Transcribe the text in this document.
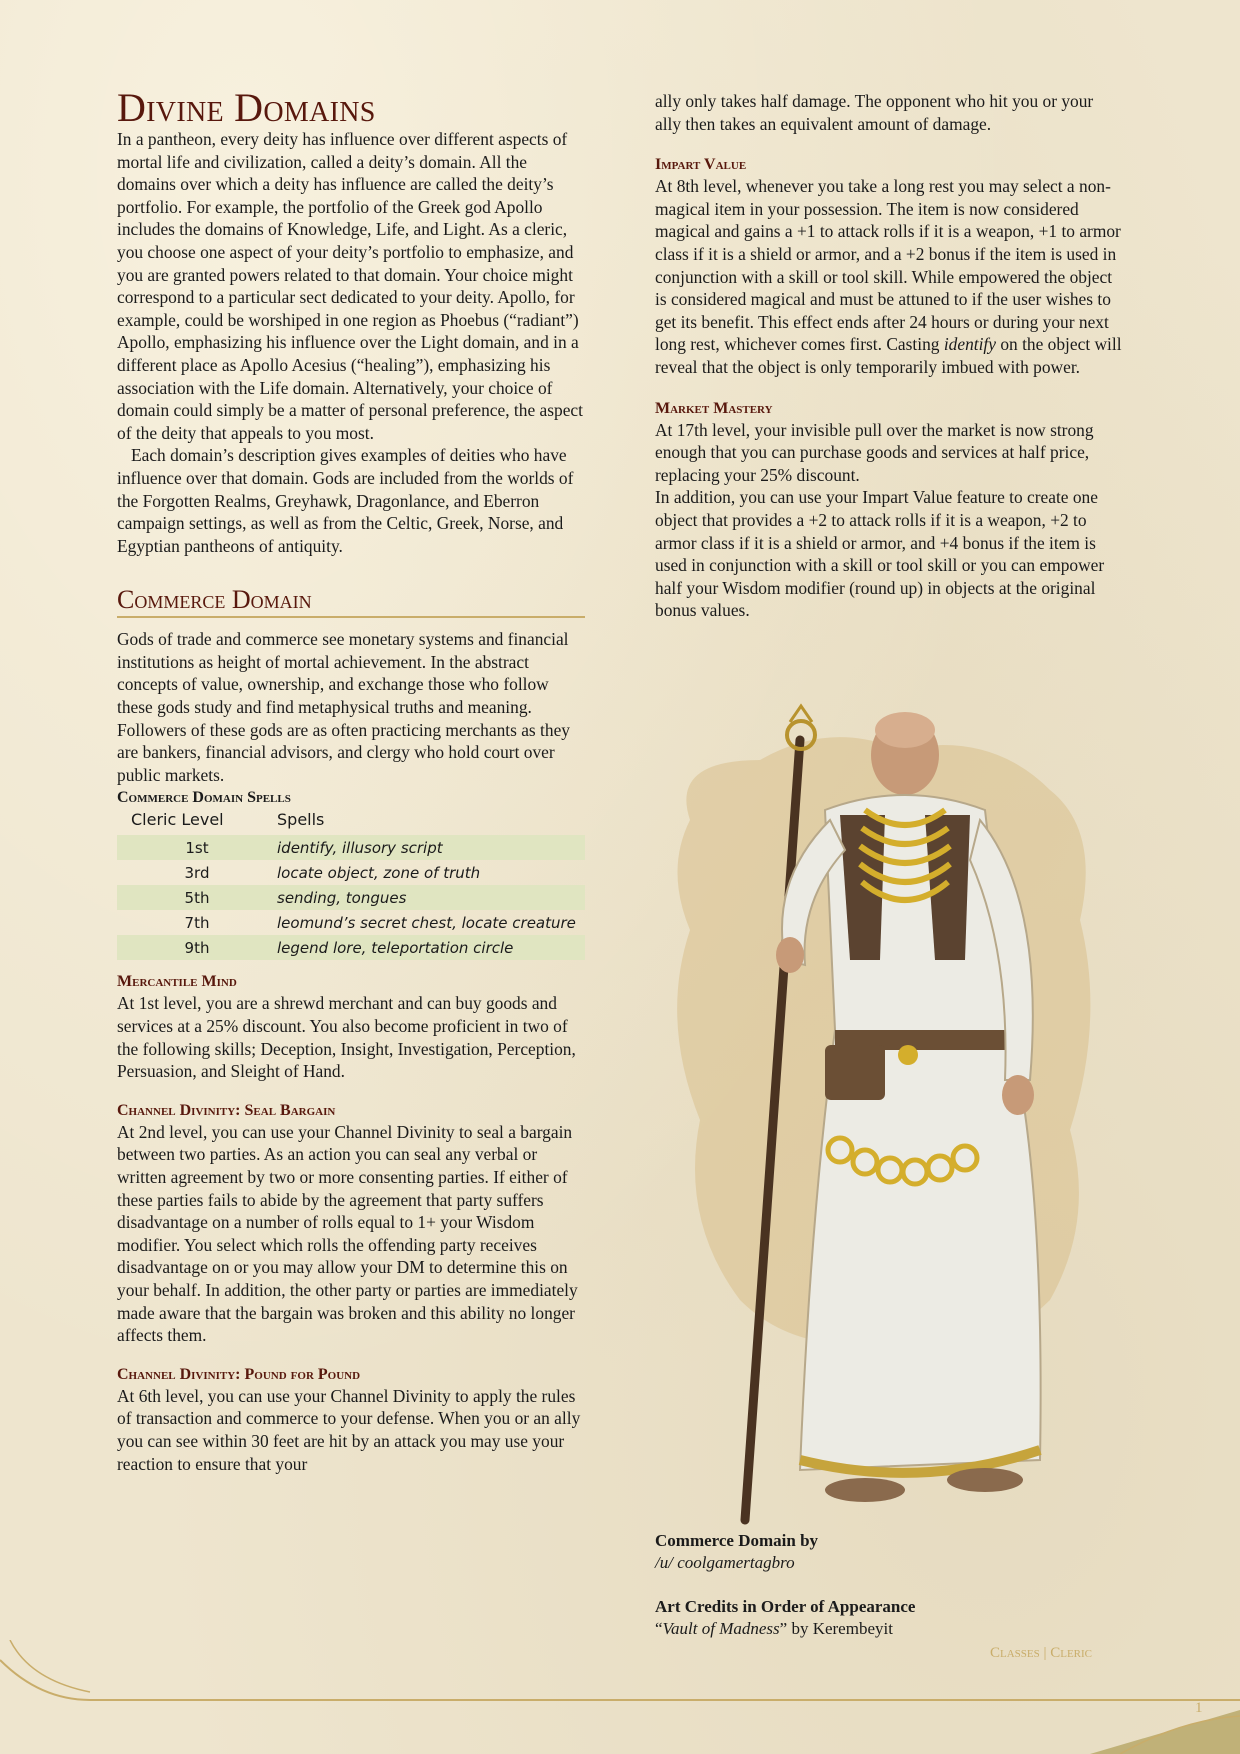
Divine Domains

In a pantheon, every deity has influence over different aspects of mortal life and civilization, called a deity’s domain. All the domains over which a deity has influence are called the deity’s portfolio. For example, the portfolio of the Greek god Apollo includes the domains of Knowledge, Life, and Light. As a cleric, you choose one aspect of your deity’s portfolio to emphasize, and you are granted powers related to that domain. Your choice might correspond to a particular sect dedicated to your deity. Apollo, for example, could be worshiped in one region as Phoebus (“radiant”) Apollo, emphasizing his influence over the Light domain, and in a different place as Apollo Acesius (“healing”), emphasizing his association with the Life domain. Alternatively, your choice of domain could simply be a matter of personal preference, the aspect of the deity that appeals to you most.

Each domain’s description gives examples of deities who have influence over that domain. Gods are included from the worlds of the Forgotten Realms, Greyhawk, Dragonlance, and Eberron campaign settings, as well as from the Celtic, Greek, Norse, and Egyptian pantheons of antiquity.

Commerce Domain

Gods of trade and commerce see monetary systems and financial institutions as height of mortal achievement. In the abstract concepts of value, ownership, and exchange those who follow these gods study and find metaphysical truths and meaning. Followers of these gods are as often practicing merchants as they are bankers, financial advisors, and clergy who hold court over public markets.

Commerce Domain Spells
Cleric Level	Spells
1st	identify, illusory script
3rd	locate object, zone of truth
5th	sending, tongues
7th	leomund’s secret chest, locate creature
9th	legend lore, teleportation circle
Mercantile Mind

At 1st level, you are a shrewd merchant and can buy goods and services at a 25% discount. You also become proficient in two of the following skills; Deception, Insight, Investigation, Perception, Persuasion, and Sleight of Hand.

Channel Divinity: Seal Bargain

At 2nd level, you can use your Channel Divinity to seal a bargain between two parties. As an action you can seal any verbal or written agreement by two or more consenting parties. If either of these parties fails to abide by the agreement that party suffers disadvantage on a number of rolls equal to 1+ your Wisdom modifier. You select which rolls the offending party receives disadvantage on or you may allow your DM to determine this on your behalf. In addition, the other party or parties are immediately made aware that the bargain was broken and this ability no longer affects them.

Channel Divinity: Pound for Pound

At 6th level, you can use your Channel Divinity to apply the rules of transaction and commerce to your defense. When you or an ally you can see within 30 feet are hit by an attack you may use your reaction to ensure that your

ally only takes half damage. The opponent who hit you or your ally then takes an equivalent amount of damage.

Impart Value

At 8th level, whenever you take a long rest you may select a non-magical item in your possession. The item is now considered magical and gains a +1 to attack rolls if it is a weapon, +1 to armor class if it is a shield or armor, and a +2 bonus if the item is used in conjunction with a skill or tool skill. While empowered the object is considered magical and must be attuned to if the user wishes to get its benefit. This effect ends after 24 hours or during your next long rest, whichever comes first. Casting identify on the object will reveal that the object is only temporarily imbued with power.

Market Mastery

At 17th level, your invisible pull over the market is now strong enough that you can purchase goods and services at half price, replacing your 25% discount.

In addition, you can use your Impart Value feature to create one object that provides a +2 to attack rolls if it is a weapon, +2 to armor class if it is a shield or armor, and +4 bonus if the item is used in conjunction with a skill or tool skill or you can empower half your Wisdom modifier (round up) in objects at the original bonus values.

Commerce Domain by

/u/ coolgamertagbro

Art Credits in Order of Appearance

“Vault of Madness” by Kerembeyit

Classes | Cleric
1
